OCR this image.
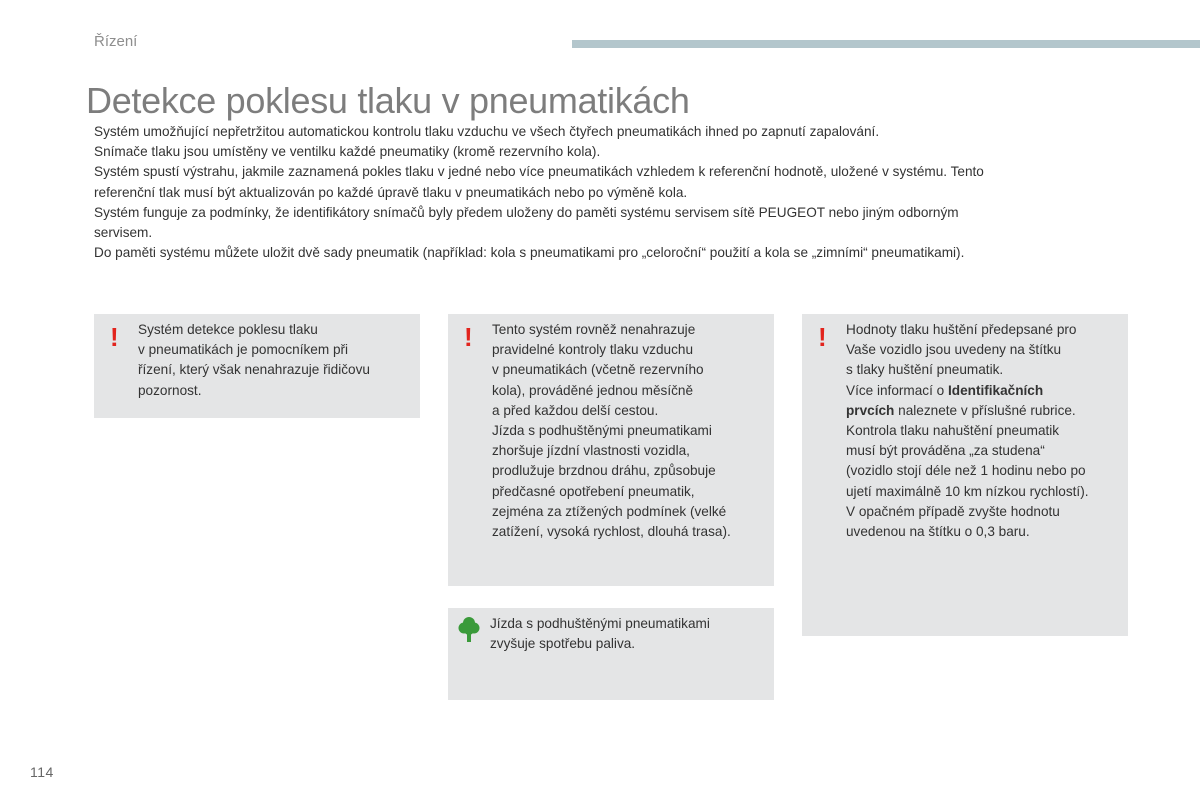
Řízení
Detekce poklesu tlaku v pneumatikách

Systém umožňující nepřetržitou automatickou kontrolu tlaku vzduchu ve všech čtyřech pneumatikách ihned po zapnutí zapalování.

Snímače tlaku jsou umístěny ve ventilku každé pneumatiky (kromě rezervního kola).

Systém spustí výstrahu, jakmile zaznamená pokles tlaku v jedné nebo více pneumatikách vzhledem k referenční hodnotě, uložené v systému. Tento

referenční tlak musí být aktualizován po každé úpravě tlaku v pneumatikách nebo po výměně kola.

Systém funguje za podmínky, že identifikátory snímačů byly předem uloženy do paměti systému servisem sítě PEUGEOT nebo jiným odborným

servisem.

Do paměti systému můžete uložit dvě sady pneumatik (například: kola s pneumatikami pro „celoroční“ použití a kola se „zimními“ pneumatikami).

! Systém detekce poklesu tlaku
v pneumatikách je pomocníkem při
řízení, který však nenahrazuje řidičovu
pozornost.
! Tento systém rovněž nenahrazuje
pravidelné kontroly tlaku vzduchu
v pneumatikách (včetně rezervního
kola), prováděné jednou měsíčně
a před každou delší cestou.
Jízda s podhuštěnými pneumatikami
zhoršuje jízdní vlastnosti vozidla,
prodlužuje brzdnou dráhu, způsobuje
předčasné opotřebení pneumatik,
zejména za ztížených podmínek (velké
zatížení, vysoká rychlost, dlouhá trasa).
! Hodnoty tlaku huštění předepsané pro
Vaše vozidlo jsou uvedeny na štítku
s tlaky huštění pneumatik.
Více informací o Identifikačních
prvcích naleznete v příslušné rubrice.
Kontrola tlaku nahuštění pneumatik
musí být prováděna „za studena“
(vozidlo stojí déle než 1 hodinu nebo po
ujetí maximálně 10 km nízkou rychlostí).
V opačném případě zvyšte hodnotu
uvedenou na štítku o 0,3 baru.
Jízda s podhuštěnými pneumatikami
zvyšuje spotřebu paliva.
114
